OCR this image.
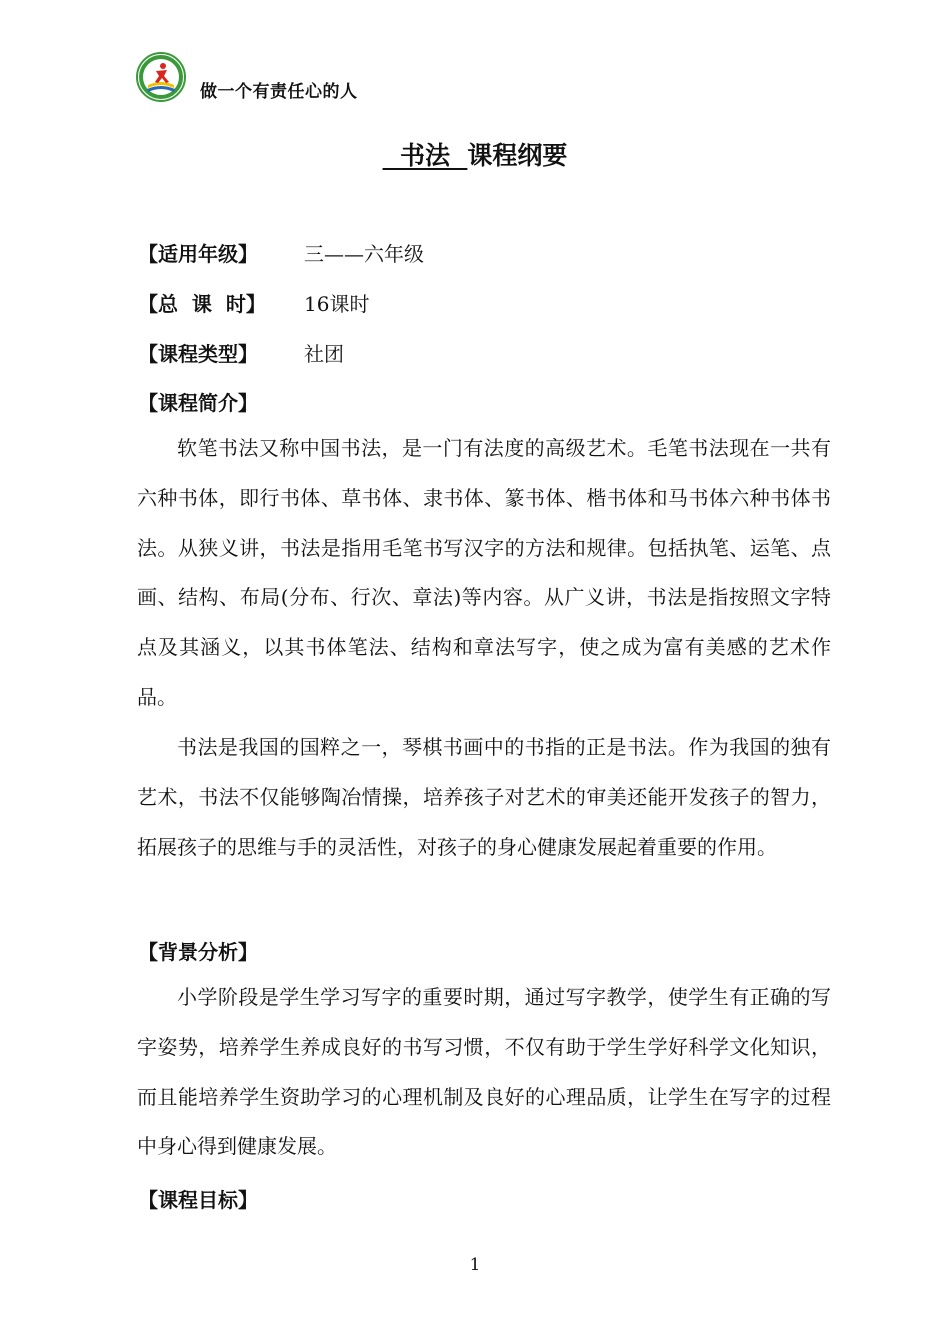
做一个有责任心的人
书法  课程纲要
【适用年级】 三——六年级
【总  课  时】 16课时
【课程类型】 社团
【课程简介】

软笔书法又称中国书法，是一门有法度的高级艺术。毛笔书法现在一共有六种书体，即行书体、草书体、隶书体、篆书体、楷书体和马书体六种书体书法。从狭义讲，书法是指用毛笔书写汉字的方法和规律。包括执笔、运笔、点画、结构、布局(分布、行次、章法)等内容。从广义讲，书法是指按照文字特点及其涵义，以其书体笔法、结构和章法写字，使之成为富有美感的艺术作品。

书法是我国的国粹之一，琴棋书画中的书指的正是书法。作为我国的独有艺术，书法不仅能够陶冶情操，培养孩子对艺术的审美还能开发孩子的智力，拓展孩子的思维与手的灵活性，对孩子的身心健康发展起着重要的作用。

【背景分析】

小学阶段是学生学习写字的重要时期，通过写字教学，使学生有正确的写字姿势，培养学生养成良好的书写习惯，不仅有助于学生学好科学文化知识，而且能培养学生资助学习的心理机制及良好的心理品质，让学生在写字的过程中身心得到健康发展。

【课程目标】
1
